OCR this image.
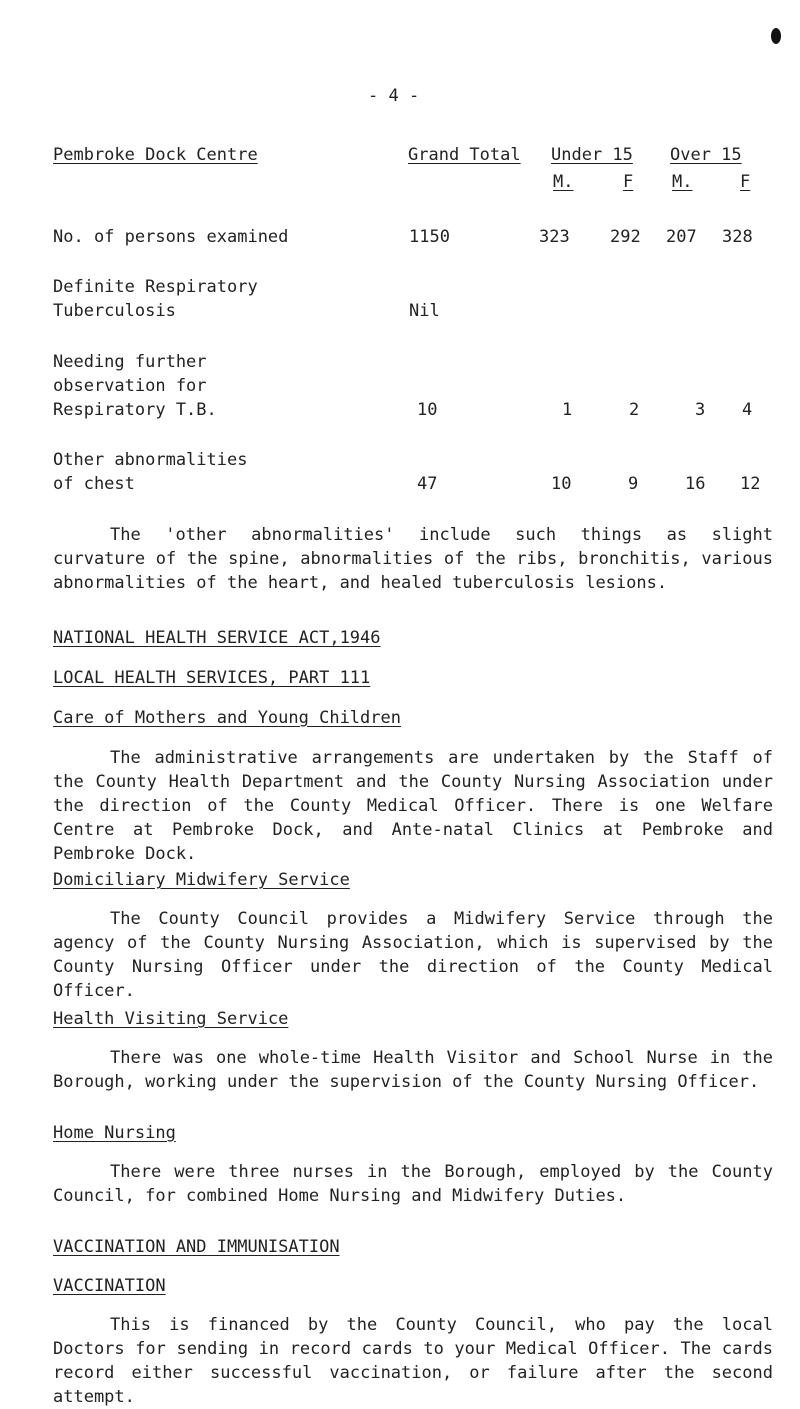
- 4 -
Pembroke Dock Centre	Grand Total Under 15 Over 15
M.	F M.	F
No. of persons examined	1150	323 292 207 328
Definite Respiratory
Tuberculosis	Nil
Needing further
observation for
Respiratory T.B.	10	1	2	3 4
Other abnormalities
of chest	47	10	9	16 12
The 'other abnormalities' include such things as slight curvature of the spine, abnormalities of the ribs, bronchitis, various abnormalities of the heart, and healed tuberculosis lesions.
NATIONAL HEALTH SERVICE ACT,1946
LOCAL HEALTH SERVICES, PART 111
Care of Mothers and Young Children
The administrative arrangements are undertaken by the Staff of the County Health Department and the County Nursing Association under the direction of the County Medical Officer. There is one Welfare Centre at Pembroke Dock, and Ante-natal Clinics at Pembroke and Pembroke Dock.
Domiciliary Midwifery Service
The County Council provides a Midwifery Service through the agency of the County Nursing Association, which is supervised by the County Nursing Officer under the direction of the County Medical Officer.
Health Visiting Service
There was one whole-time Health Visitor and School Nurse in the Borough, working under the supervision of the County Nursing Officer.
Home Nursing
There were three nurses in the Borough, employed by the County Council, for combined Home Nursing and Midwifery Duties.
VACCINATION AND IMMUNISATION
VACCINATION
This is financed by the County Council, who pay the local Doctors for sending in record cards to your Medical Officer. The cards record either successful vaccination, or failure after the second attempt.
